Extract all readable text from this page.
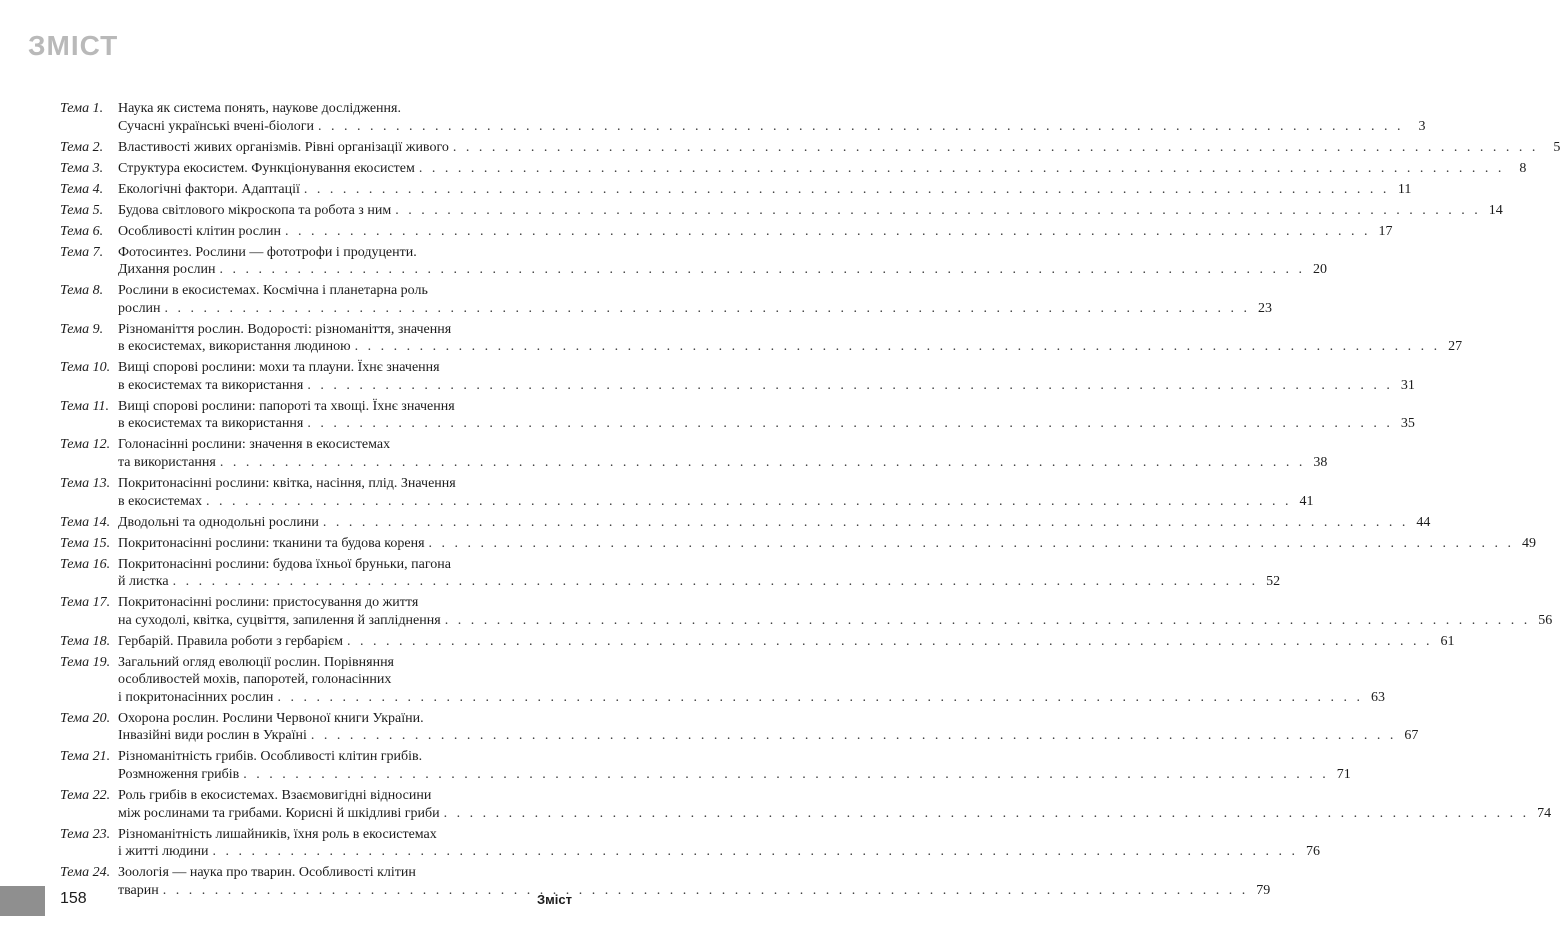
ЗМІСТ
Тема 1.	Наука як система понять, наукове дослідження.
Сучасні українські вчені-біологи . . .	3
Тема 2.	Властивості живих організмів. Рівні організації живого . . .	5
Тема 3.	Структура екосистем. Функціонування екосистем . . .	8
Тема 4.	Екологічні фактори. Адаптації . . .	11
Тема 5.	Будова світлового мікроскопа та робота з ним . . .	14
Тема 6.	Особливості клітин рослин . . .	17
Тема 7.	Фотосинтез. Рослини — фототрофи і продуценти.
Дихання рослин . . .	20
Тема 8.	Рослини в екосистемах. Космічна і планетарна роль
рослин . . .	23
Тема 9.	Різноманіття рослин. Водорості: різноманіття, значення
в екосистемах, використання людиною . . .	27
Тема 10. Вищі спорові рослини: мохи та плауни. Їхнє значення
в екосистемах та використання . . .	31
Тема 11. Вищі спорові рослини: папороті та хвощі. Їхнє значення
в екосистемах та використання . . .	35
Тема 12. Голонасінні рослини: значення в екосистемах
та використання . . .	38
Тема 13. Покритонасінні рослини: квітка, насіння, плід. Значення
в екосистемах . . .	41
Тема 14. Дводольні та однодольні рослини . . .	44
Тема 15. Покритонасінні рослини: тканини та будова кореня . . .	49
Тема 16. Покритонасінні рослини: будова їхньої бруньки, пагона
й листка . . .	52
Тема 17. Покритонасінні рослини: пристосування до життя
на суходолі, квітка, суцвіття, запилення й запліднення . . .	56
Тема 18. Гербарій. Правила роботи з гербарієм . . .	61
Тема 19. Загальний огляд еволюції рослин. Порівняння
особливостей мохів, папоротей, голонасінних
і покритонасінних рослин . . .	63
Тема 20. Охорона рослин. Рослини Червоної книги України.
Інвазійні види рослин в Україні . . .	67
Тема 21. Різноманітність грибів. Особливості клітин грибів.
Розмноження грибів . . .	71
Тема 22. Роль грибів в екосистемах. Взаємовигідні відносини
між рослинами та грибами. Корисні й шкідливі гриби . . .	74
Тема 23. Різноманітність лишайників, їхня роль в екосистемах
і житті людини . . .	76
Тема 24. Зоологія — наука про тварин. Особливості клітин
тварин . . .	79
158	Зміст
